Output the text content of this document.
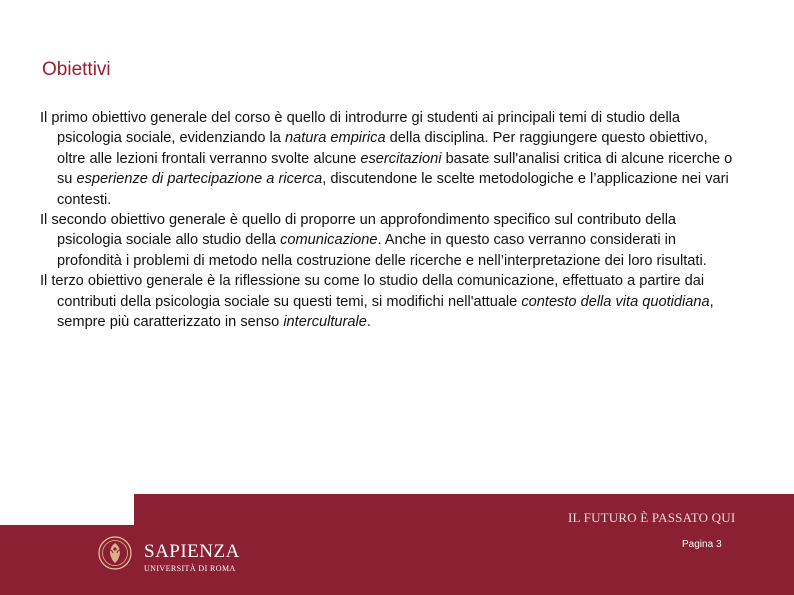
Obiettivi

Il primo obiettivo generale del corso è quello di introdurre gi studenti ai principali temi di studio della psicologia sociale, evidenziando la natura empirica della disciplina. Per raggiungere questo obiettivo, oltre alle lezioni frontali verranno svolte alcune esercitazioni basate sull'analisi critica di alcune ricerche o su esperienze di partecipazione a ricerca, discutendone le scelte metodologiche e l’applicazione nei vari contesti.

Il secondo obiettivo generale è quello di proporre un approfondimento specifico sul contributo della psicologia sociale allo studio della comunicazione. Anche in questo caso verranno considerati in profondità i problemi di metodo nella costruzione delle ricerche e nell’interpretazione dei loro risultati.

Il terzo obiettivo generale è la riflessione su come lo studio della comunicazione, effettuato a partire dai contributi della psicologia sociale su questi temi, si modifichi nell'attuale contesto della vita quotidiana, sempre più caratterizzato in senso interculturale.

IL FUTURO È PASSATO QUI
Pagina 3
SAPIENZA
UNIVERSITÀ DI ROMA
